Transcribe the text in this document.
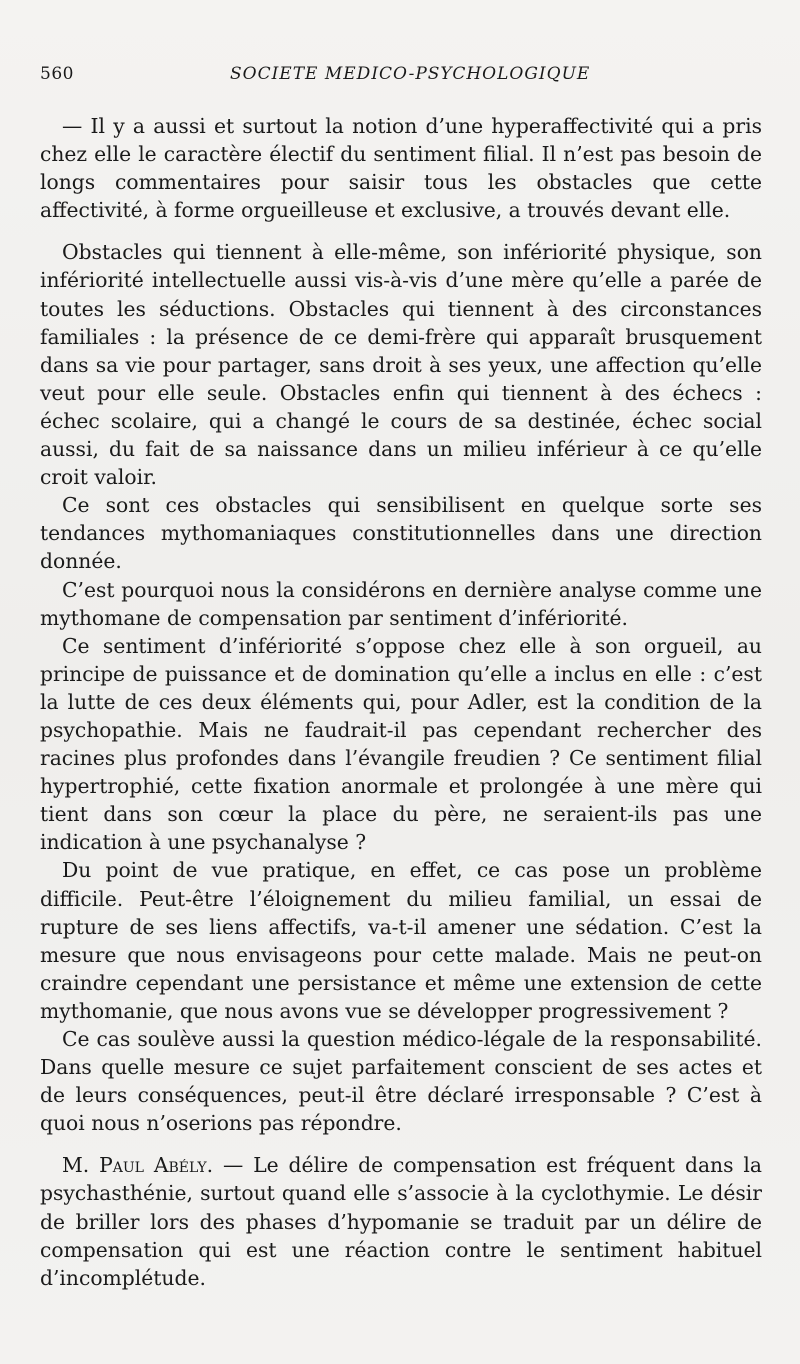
560	SOCIETE MEDICO-PSYCHOLOGIQUE

— Il y a aussi et surtout la notion d’une hyperaffectivité qui a pris chez elle le caractère électif du sentiment filial. Il n’est pas besoin de longs commentaires pour saisir tous les obstacles que cette affectivité, à forme orgueilleuse et exclusive, a trouvés devant elle.

Obstacles qui tiennent à elle-même, son infériorité physique, son infériorité intellectuelle aussi vis-à-vis d’une mère qu’elle a parée de toutes les séductions. Obstacles qui tiennent à des circonstances familiales : la présence de ce demi-frère qui apparaît brusquement dans sa vie pour partager, sans droit à ses yeux, une affection qu’elle veut pour elle seule. Obstacles enfin qui tiennent à des échecs : échec scolaire, qui a changé le cours de sa destinée, échec social aussi, du fait de sa naissance dans un milieu inférieur à ce qu’elle croit valoir.

Ce sont ces obstacles qui sensibilisent en quelque sorte ses tendances mythomaniaques constitutionnelles dans une direction donnée.

C’est pourquoi nous la considérons en dernière analyse comme une mythomane de compensation par sentiment d’infériorité.

Ce sentiment d’infériorité s’oppose chez elle à son orgueil, au principe de puissance et de domination qu’elle a inclus en elle : c’est la lutte de ces deux éléments qui, pour Adler, est la condition de la psychopathie. Mais ne faudrait-il pas cependant rechercher des racines plus profondes dans l’évangile freudien ? Ce sentiment filial hypertrophié, cette fixation anormale et prolongée à une mère qui tient dans son cœur la place du père, ne seraient-ils pas une indication à une psychanalyse ?

Du point de vue pratique, en effet, ce cas pose un problème difficile. Peut-être l’éloignement du milieu familial, un essai de rupture de ses liens affectifs, va-t-il amener une sédation. C’est la mesure que nous envisageons pour cette malade. Mais ne peut-on craindre cependant une persistance et même une extension de cette mythomanie, que nous avons vue se développer progressivement ?

Ce cas soulève aussi la question médico-légale de la responsabilité. Dans quelle mesure ce sujet parfaitement conscient de ses actes et de leurs conséquences, peut-il être déclaré irresponsable ? C’est à quoi nous n’oserions pas répondre.

M. Paul Abély. — Le délire de compensation est fréquent dans la psychasthénie, surtout quand elle s’associe à la cyclothymie. Le désir de briller lors des phases d’hypomanie se traduit par un délire de compensation qui est une réaction contre le sentiment habituel d’incomplétude.
